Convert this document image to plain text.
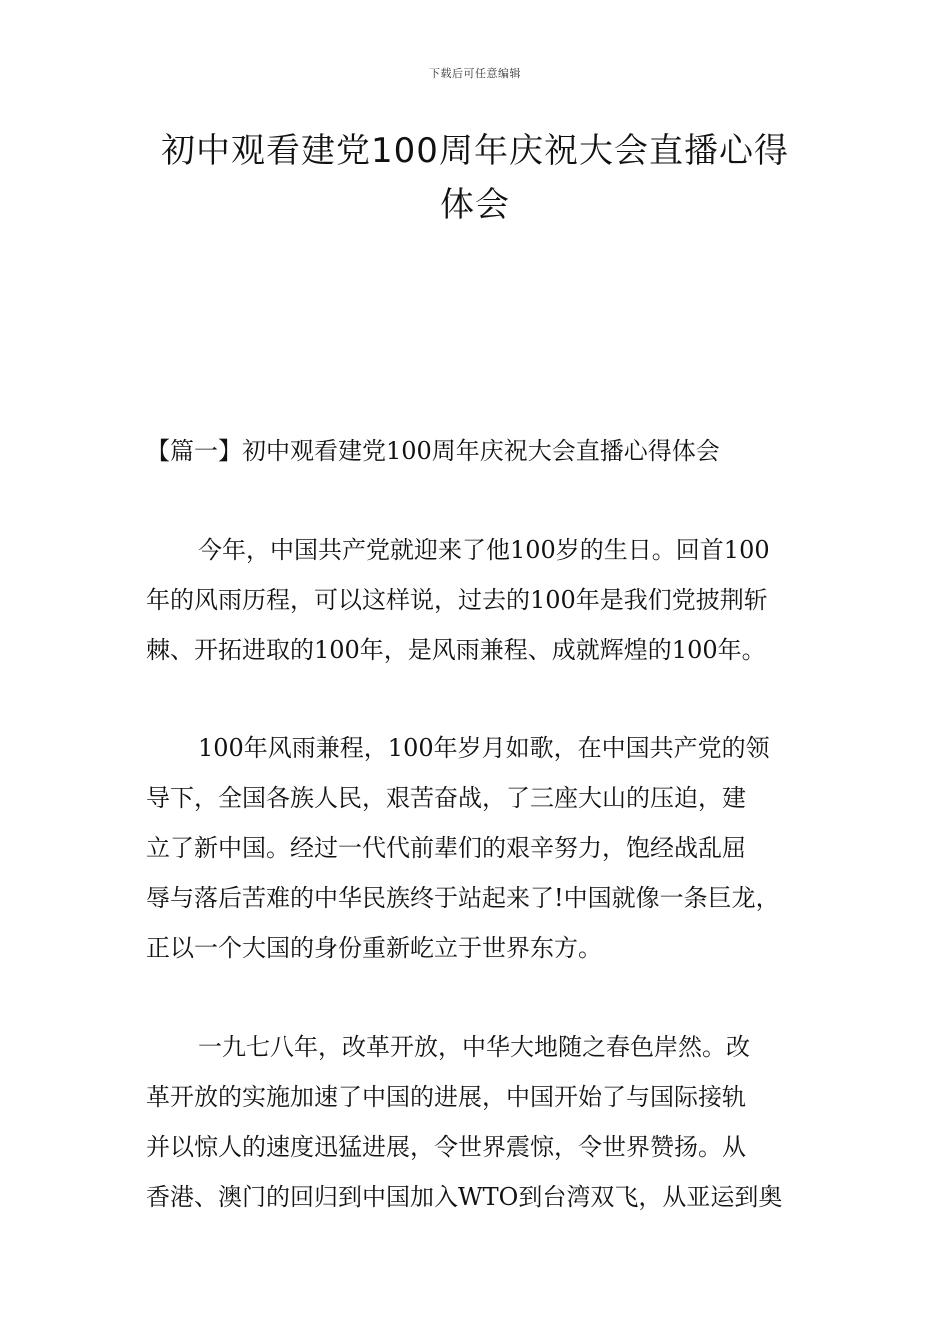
下载后可任意编辑
初中观看建党100周年庆祝大会直播心得
体会
【篇一】初中观看建党100周年庆祝大会直播心得体会
今年，中国共产党就迎来了他100岁的生日。回首100
年的风雨历程，可以这样说，过去的100年是我们党披荆斩
棘、开拓进取的100年，是风雨兼程、成就辉煌的100年。
100年风雨兼程，100年岁月如歌，在中国共产党的领
导下，全国各族人民，艰苦奋战，了三座大山的压迫，建
立了新中国。经过一代代前辈们的艰辛努力，饱经战乱屈
辱与落后苦难的中华民族终于站起来了!中国就像一条巨龙，
正以一个大国的身份重新屹立于世界东方。
一九七八年，改革开放，中华大地随之春色岸然。改
革开放的实施加速了中国的进展，中国开始了与国际接轨
并以惊人的速度迅猛进展，令世界震惊，令世界赞扬。从
香港、澳门的回归到中国加入WTO到台湾双飞，从亚运到奥
